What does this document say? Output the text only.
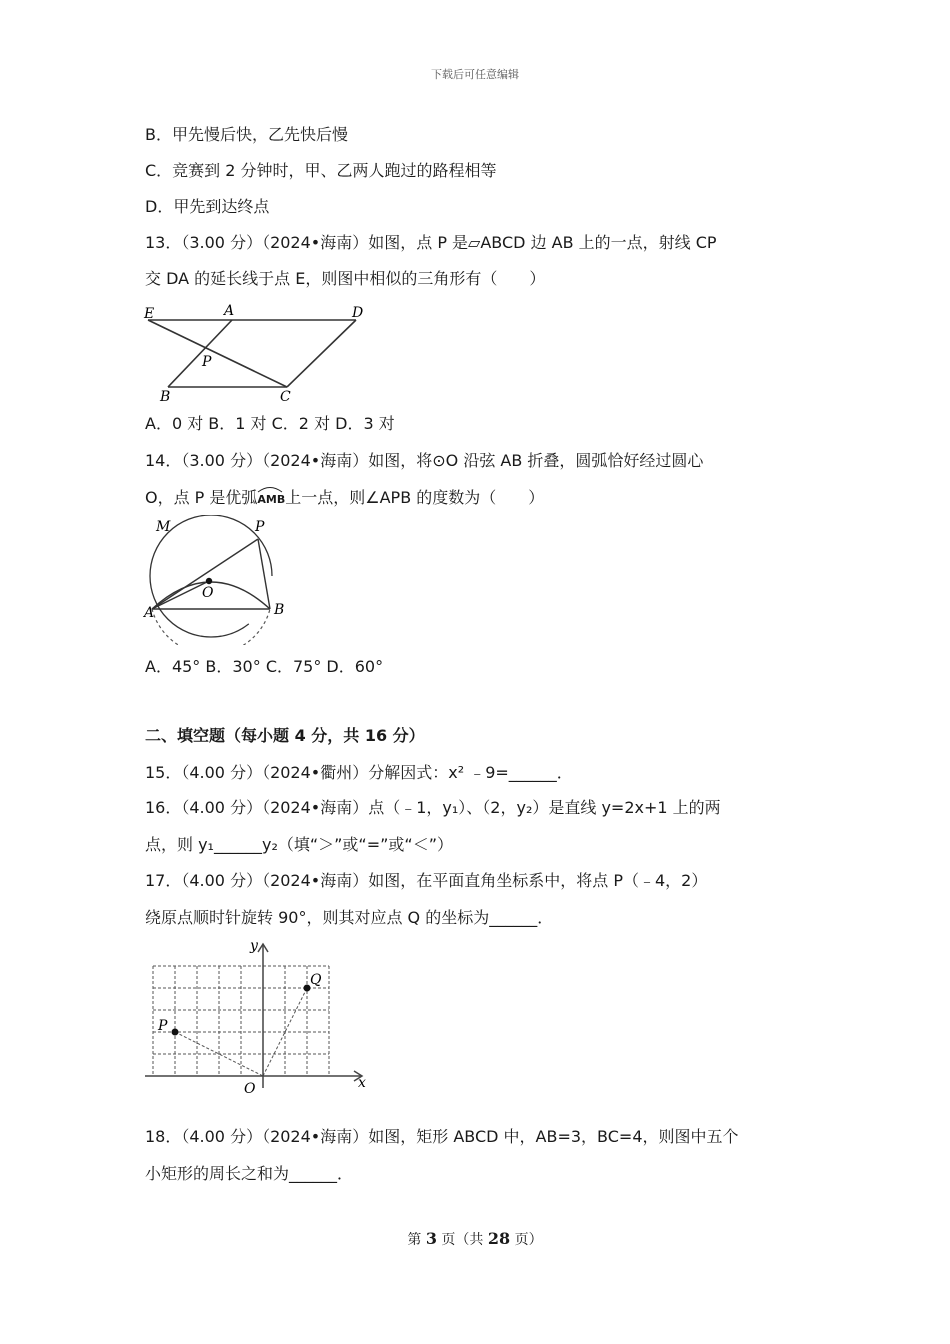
下载后可任意编辑
B．甲先慢后快，乙先快后慢
C．竞赛到 2 分钟时，甲、乙两人跑过的路程相等
D．甲先到达终点
13．（3.00 分）（2024•海南）如图，点 P 是▱ABCD 边 AB 上的一点，射线 CP
交 DA 的延长线于点 E，则图中相似的三角形有（　　）
E	A	D
P
B	C
A．0 对 B．1 对 C．2 对 D．3 对
14．（3.00 分）（2024•海南）如图，将⊙O 沿弦 AB 折叠，圆弧恰好经过圆心
O，点 P 是优弧
AMB上一点，则∠APB 的度数为（　　）
M	P
O
A	B
A．45° B．30° C．75° D．60°
二、填空题（每小题 4 分，共 16 分）
15．（4.00 分）（2024•衢州）分解因式：x² ﹣9=______．
16．（4.00 分）（2024•海南）点（﹣1，y₁）、（2，y₂）是直线 y=2x+1 上的两
点，则 y₁______y₂（填“＞”或“=”或“＜”）
17．（4.00 分）（2024•海南）如图，在平面直角坐标系中，将点 P（﹣4，2）
绕原点顺时针旋转 90°，则其对应点 Q 的坐标为______．
y
x
Q
P
O
18．（4.00 分）（2024•海南）如图，矩形 ABCD 中，AB=3，BC=4，则图中五个
小矩形的周长之和为______．
第 3 页（共 28 页）
